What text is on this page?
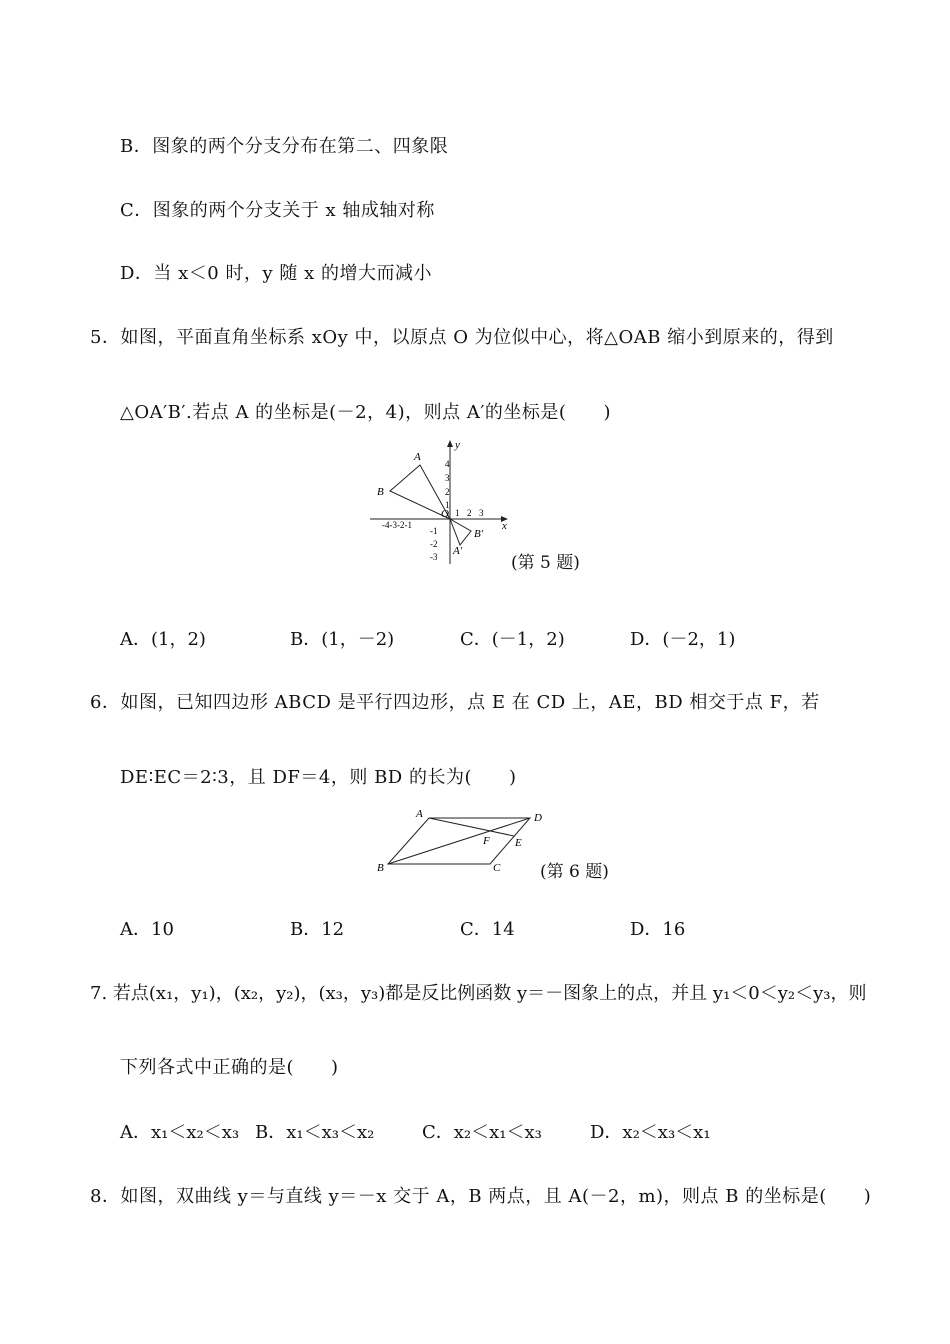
B．图象的两个分支分布在第二、四象限
C．图象的两个分支关于 x 轴成轴对称
D．当 x＜0 时，y 随 x 的增大而减小
5．如图，平面直角坐标系 xOy 中，以原点 O 为位似中心，将△OAB 缩小到原来的，得到
△OA′B′.若点 A 的坐标是(－2，4)，则点 A′的坐标是(　　)
A
B
O
A′
B′
x
y
4
3
2
1
-1
-2
-3
-4-3-2-1
1 2 3
(第 5 题)
A．(1，2)	B．(1，－2)	C．(－1，2)	D．(－2，1)
6．如图，已知四边形 ABCD 是平行四边形，点 E 在 CD 上，AE，BD 相交于点 F，若
DE∶EC＝2∶3，且 DF＝4，则 BD 的长为(　　)
A	D
B	C
E
F
(第 6 题)
A．10	B．12	C．14	D．16
7. 若点(x₁，y₁)，(x₂，y₂)，(x₃，y₃)都是反比例函数 y＝－图象上的点，并且 y₁＜0＜y₂＜y₃，则
下列各式中正确的是(　　)
A．x₁＜x₂＜x₃ B．x₁＜x₃＜x₂	C．x₂＜x₁＜x₃	D．x₂＜x₃＜x₁
8．如图，双曲线 y＝与直线 y＝－x 交于 A，B 两点，且 A(－2，m)，则点 B 的坐标是(　　)
